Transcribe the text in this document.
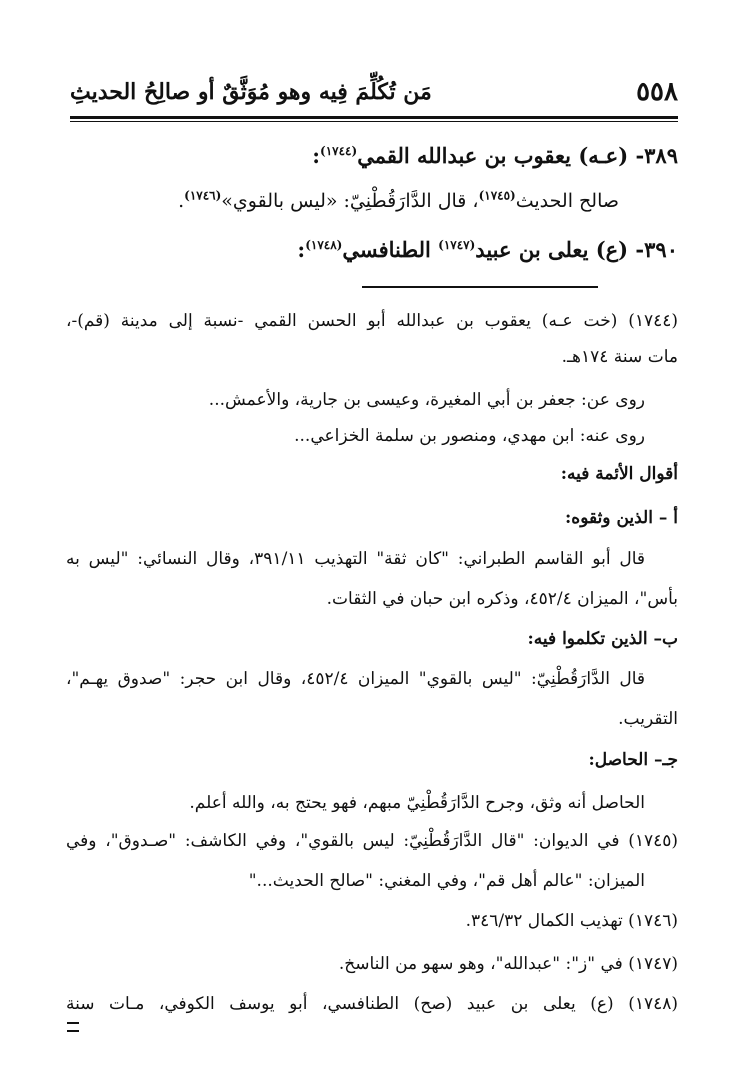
٥٥٨
مَن تُكُلِّمَ فِيه وهو مُوَثَّقٌ أو صالِحُ الحديثِ
٣٨٩- (عـه) يعقوب بن عبدالله القمي$^{(١٧٤٤)}$:
صالح الحديث$^{(١٧٤٥)}$، قال الدَّارَقُطْنِيّ: «ليس بالقوي»$^{(١٧٤٦)}$.
٣٩٠- (ع) يعلى بن عبيد$^{(١٧٤٧)}$ الطنافسي$^{(١٧٤٨)}$:
(١٧٤٤) (خت عـه) يعقوب بن عبدالله أبو الحسن القمي -نسبة إلى مدينة (قم)-،
مات سنة ١٧٤هـ.
روى عن: جعفر بن أبي المغيرة، وعيسى بن جارية، والأعمش...
روى عنه: ابن مهدي، ومنصور بن سلمة الخزاعي...
أقوال الأئمة فيه:
أ – الذين وثقوه:
قال أبو القاسم الطبراني: "كان ثقة" التهذيب ٣٩١/١١، وقال النسائي: "ليس به
بأس"، الميزان ٤٥٢/٤، وذكره ابن حبان في الثقات.
ب– الذين تكلموا فيه:
قال الدَّارَقُطْنِيّ: "ليس بالقوي" الميزان ٤٥٢/٤، وقال ابن حجر: "صدوق يهـم"،
التقريب.
جـ– الحاصل:
الحاصل أنه وثق، وجرح الدَّارَقُطْنِيّ مبهم، فهو يحتج به، والله أعلم.
(١٧٤٥) في الديوان: "قال الدَّارَقُطْنِيّ: ليس بالقوي"، وفي الكاشف: "صـدوق"، وفي
الميزان: "عالم أهل قم"، وفي المغني: "صالح الحديث..."
(١٧٤٦) تهذيب الكمال ٣٤٦/٣٢.
(١٧٤٧) في "ز": "عبدالله"، وهو سهو من الناسخ.
(١٧٤٨) (ع) يعلى بن عبيد (صح) الطنافسي، أبو يوسف الكوفي، مـات سنة
